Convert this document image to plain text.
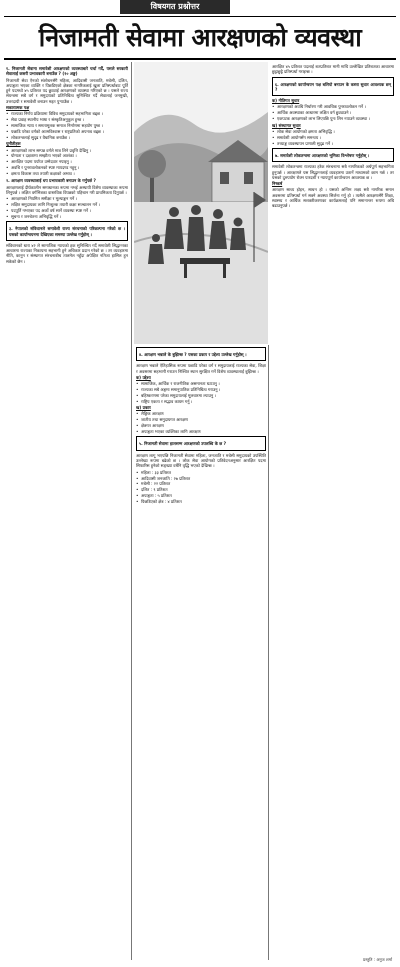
विषयगत प्रश्नोत्तर
निजामती सेवामा आरक्षणको व्यवस्था

१. निजामती सेवामा समावेशी आरक्षणको व्यवस्थाबारे चर्चा गर्दै, यसले सरकारी सेवालाई कसरी प्रभावकारी बनाउँछ ? (१० अङ्क)

निजामती सेवा ऐनको संशोधनसँगै महिला, आदिवासी जनजाति, मधेसी, दलित, अपाङ्गता भएका व्यक्ति र पिछडिएको क्षेत्रका नागरिकलाई खुला प्रतिस्पर्धाबाट पूर्ति हुने पदमध्ये ४५ प्रतिशत पद छुट्याई आरक्षणको व्यवस्था गरिएको छ । यसले राज्य संयन्त्रमा सबै वर्ग र समुदायको प्रतिनिधित्व सुनिश्चित गर्दै सेवालाई जनमुखी, उत्तरदायी र समावेशी बनाउन मद्दत पुर्‍याउँछ ।

सकारात्मक पक्ष

• राज्यका निर्णय प्रक्रियामा विविध समुदायको सहभागिता बढ्छ ।
• सेवा प्रवाह स्थानीय भाषा र संस्कृतिअनुकूल हुन्छ ।
• सामाजिक न्याय र समतामूलक समाज निर्माणमा सहयोग पुग्छ ।
• पछाडि परेका वर्गको आत्मविश्वास र राष्ट्रप्रतिको अपनत्व बढ्छ ।
• लोकतन्त्रलाई सुदृढ र वैधानिक बनाउँछ ।

चुनौतीहरू

• आरक्षणको लाभ सम्पन्न वर्गले मात्र लिने प्रवृत्ति देखिनु ।
• योग्यता र दक्षतामा सम्झौता भएको आशंका ।
• आरक्षित पदमा पर्याप्त उम्मेदवार नपाइनु ।
• अवधि र पुनरावलोकनको स्पष्ट मापदण्ड नहुनु ।
• क्षमता विकास तथा तयारी कक्षाको अभाव ।

२. आरक्षण व्यवस्थालाई थप प्रभावकारी बनाउन के गर्नुपर्छ ?

आरक्षणलाई दीर्घकालीन समाधानका रूपमा नभई अस्थायी विशेष व्यवस्थाका रूपमा लिनुपर्छ । लक्षित वर्गभित्रका वास्तविक विपन्नको पहिचान गरी प्राथमिकता दिनुपर्छ ।

• आरक्षणको नियमित समीक्षा र मूल्याङ्कन गर्ने ।
• लक्षित समुदायका लागि निःशुल्क तयारी कक्षा सञ्चालन गर्ने ।
• पदपूर्ति नभएका पद अर्को वर्ष सार्ने व्यवस्था स्पष्ट गर्ने ।
• सूचना र जनचेतना अभिवृद्धि गर्ने ।

३. नेपालको संविधानले समावेशी राज्य संरचनाको परिकल्पना गरेको छ । यसको कार्यान्वयनमा देखिएका समस्या उल्लेख गर्नुहोस् ।

संविधानको धारा ४२ ले सामाजिक न्यायको हक सुनिश्चित गर्दै समावेशी सिद्धान्तका आधारमा राज्यका निकायमा सहभागी हुने अधिकार प्रदान गरेको छ । तर व्यवहारमा नीति, कानुन र संस्थागत संरचनाबीच तालमेल नहुँदा अपेक्षित नतिजा हासिल हुन सकेको छैन ।

४. आरक्षण भन्नाले के बुझिन्छ ? यसका प्रकार र उद्देश्य उल्लेख गर्नुहोस् ।

आरक्षण भन्नाले ऐतिहासिक रूपमा पछाडि परेका वर्ग र समुदायलाई राज्यका सेवा, शिक्षा र अवसरमा सहभागी गराउन निश्चित स्थान सुरक्षित गर्ने विशेष व्यवस्थालाई बुझिन्छ ।

क) उद्देश्य

• सामाजिक, आर्थिक र राजनीतिक असमानता घटाउनु ।
• राज्यका सबै अङ्गमा समानुपातिक प्रतिनिधित्व गराउनु ।
• बहिष्करणमा परेका समुदायलाई मूलधारमा ल्याउनु ।
• राष्ट्रिय एकता र सद्भाव कायम गर्नु ।

ख) प्रकार

• लैङ्गिक आरक्षण
• जातीय तथा समुदायगत आरक्षण
• क्षेत्रगत आरक्षण
• अपाङ्गता भएका व्यक्तिका लागि आरक्षण

५. निजामती सेवामा हालसम्म आरक्षणको उपलब्धि के छ ?

आरक्षण लागू भएपछि निजामती सेवामा महिला, जनजाति र मधेसी समुदायको उपस्थिति उल्लेख्य रूपमा बढेको छ । लोक सेवा आयोगको प्रतिवेदनअनुसार आरक्षित पदमा सिफारिस हुनेको सङ्ख्या वर्षेनि वृद्धि भएको देखिन्छ ।

• महिला : ३३ प्रतिशत
• आदिवासी जनजाति : २७ प्रतिशत
• मधेसी : २२ प्रतिशत
• दलित : ९ प्रतिशत
• अपाङ्गता : ५ प्रतिशत
• पिछडिएको क्षेत्र : ४ प्रतिशत

आरक्षित ४५ प्रतिशत पदलाई शतप्रतिशत मानी माथि उल्लेखित प्रतिशतका आधारमा छुट्टाछुट्टै प्रतिस्पर्धा गराइन्छ ।

६. आरक्षणको कार्यान्वयन पक्ष बलियो बनाउन के कस्ता सुधार आवश्यक छन् ?

क) नीतिगत सुधार

• आरक्षणको अवधि निर्धारण गरी आवधिक पुनरावलोकन गर्ने ।
• आर्थिक अवस्थाका आधारमा लक्षित वर्ग छुट्याउने ।
• एकपटक आरक्षणको लाभ लिएपछि पुनः लिन नपाउने व्यवस्था ।

ख) संस्थागत सुधार

• लोक सेवा आयोगको क्षमता अभिवृद्धि ।
• समावेशी आयोगसँग समन्वय ।
• तथ्याङ्क व्यवस्थापन प्रणाली सुदृढ गर्ने ।

७. समावेशी लोकतन्त्रमा आरक्षणको भूमिका विश्लेषण गर्नुहोस् ।

समावेशी लोकतन्त्रमा राज्यका हरेक संरचनामा सबै नागरिकको अर्थपूर्ण सहभागिता हुनुपर्छ । आरक्षणले यस सिद्धान्तलाई व्यवहारमा उतार्ने माध्यमको काम गर्छ । तर यसको दुरुपयोग रोक्न पारदर्शी र न्यायपूर्ण कार्यान्वयन आवश्यक छ ।

निष्कर्ष

आरक्षण साध्य होइन, साधन हो । यसको अन्तिम लक्ष्य सबै नागरिक समान अवसरमा प्रतिस्पर्धा गर्न सक्ने अवस्था सिर्जना गर्नु हो । त्यसैले आरक्षणसँगै शिक्षा, स्वास्थ्य र आर्थिक सशक्तीकरणका कार्यक्रमलाई पनि समानान्तर रूपमा अघि बढाउनुपर्छ ।

प्रस्तुति : अनुज शर्मा
